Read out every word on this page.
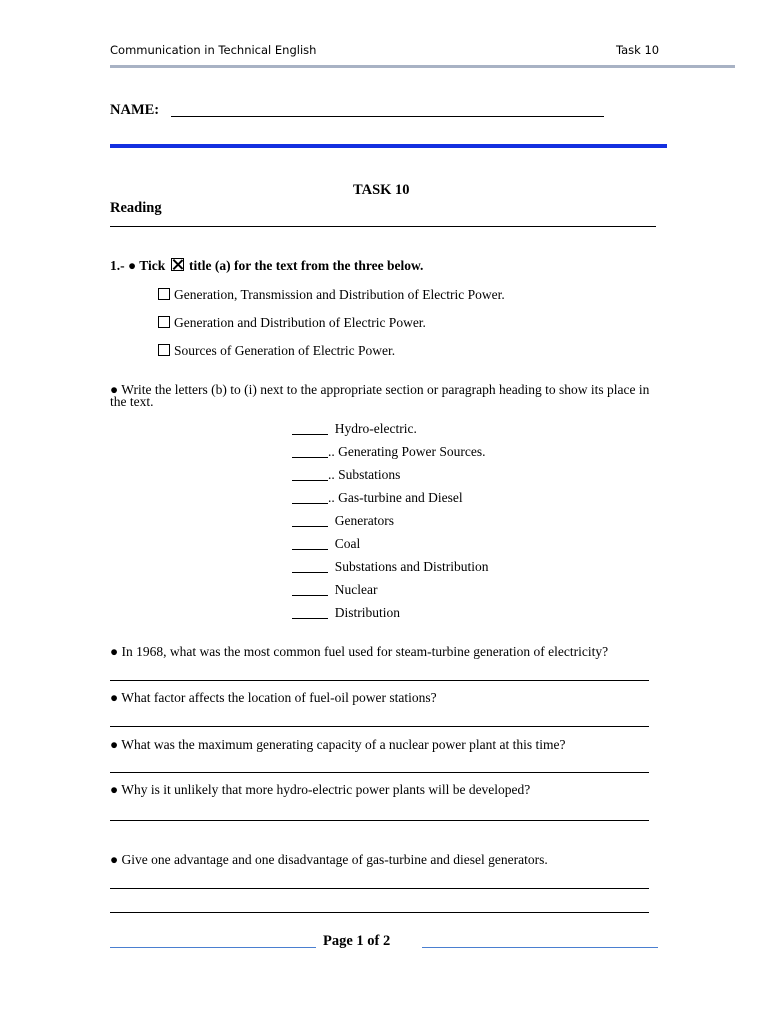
Communication in Technical English	Task 10
NAME:
TASK 10
Reading
1.- ● Tick title (a) for the text from the three below.
Generation, Transmission and Distribution of Electric Power.
Generation and Distribution of Electric Power.
Sources of Generation of Electric Power.
● Write the letters (b) to (i) next to the appropriate section or paragraph heading to show its place in the text.
Hydro-electric.
.. Generating Power Sources.
.. Substations
.. Gas-turbine and Diesel
Generators
Coal
Substations and Distribution
Nuclear
Distribution
● In 1968, what was the most common fuel used for steam-turbine generation of electricity?
● What factor affects the location of fuel-oil power stations?
● What was the maximum generating capacity of a nuclear power plant at this time?
● Why is it unlikely that more hydro-electric power plants will be developed?
● Give one advantage and one disadvantage of gas-turbine and diesel generators.
Page 1 of 2
